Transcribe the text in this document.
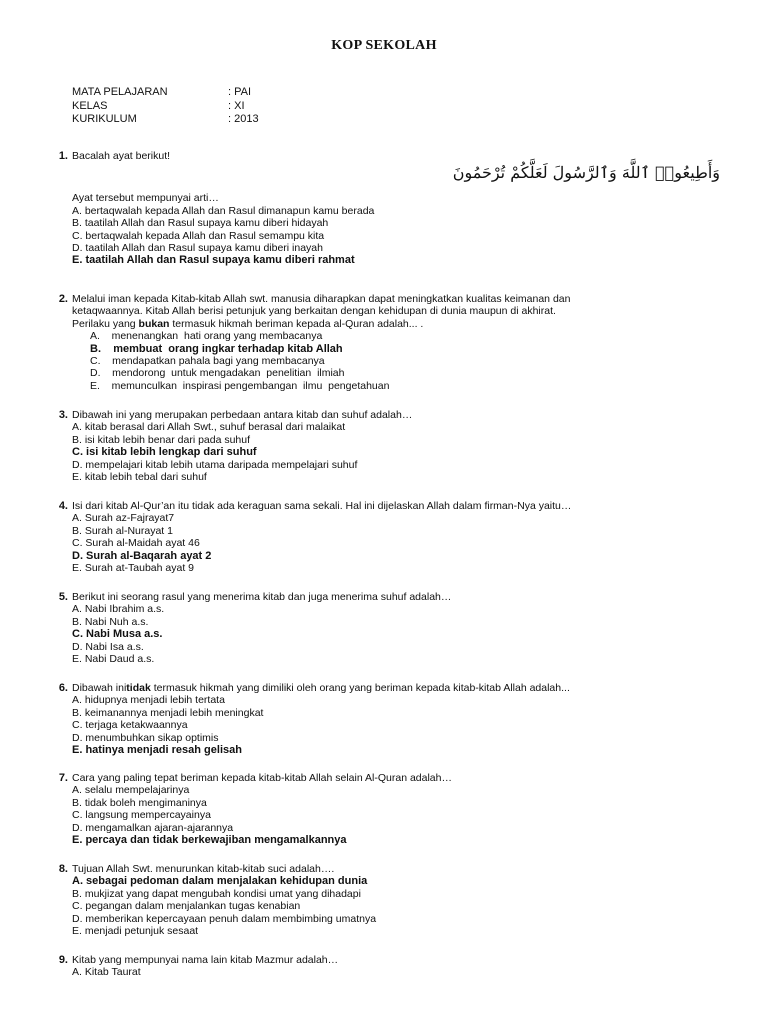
KOP SEKOLAH
MATA PELAJARAN	: PAI
KELAS	: XI
KURIKULUM	: 2013
1. Bacalah ayat berikut!
Ayat tersebut mempunyai arti…
A. bertaqwalah kepada Allah dan Rasul dimanapun kamu berada
B. taatilah Allah dan Rasul supaya kamu diberi hidayah
C. bertaqwalah kepada Allah dan Rasul semampu kita
D. taatilah Allah dan Rasul supaya kamu diberi inayah
E. taatilah Allah dan Rasul supaya kamu diberi rahmat
وَأَطِيعُوا۟ ٱللَّهَ وَٱلرَّسُولَ لَعَلَّكُمْ تُرْحَمُونَ
2. Melalui iman kepada Kitab-kitab Allah swt. manusia diharapkan dapat meningkatkan kualitas keimanan dan
ketaqwaannya. Kitab Allah berisi petunjuk yang berkaitan dengan kehidupan di dunia maupun di akhirat.
Perilaku yang bukan termasuk hikmah beriman kepada al-Quran adalah... .
A.    menenangkan  hati orang yang membacanya
B.    membuat  orang ingkar terhadap kitab Allah
C.    mendapatkan pahala bagi yang membacanya
D.    mendorong  untuk mengadakan  penelitian  ilmiah
E.    memunculkan  inspirasi pengembangan  ilmu  pengetahuan
3. Dibawah ini yang merupakan perbedaan antara kitab dan suhuf adalah…
A. kitab berasal dari Allah Swt., suhuf berasal dari malaikat
B. isi kitab lebih benar dari pada suhuf
C. isi kitab lebih lengkap dari suhuf
D. mempelajari kitab lebih utama daripada mempelajari suhuf
E. kitab lebih tebal dari suhuf
4. Isi dari kitab Al-Qur’an itu tidak ada keraguan sama sekali. Hal ini dijelaskan Allah dalam firman-Nya yaitu…
A. Surah az-Fajrayat7
B. Surah al-Nurayat 1
C. Surah al-Maidah ayat 46
D. Surah al-Baqarah ayat 2
E. Surah at-Taubah ayat 9
5. Berikut ini seorang rasul yang menerima kitab dan juga menerima suhuf adalah…
A. Nabi Ibrahim a.s.
B. Nabi Nuh a.s.
C. Nabi Musa a.s.
D. Nabi Isa a.s.
E. Nabi Daud a.s.
6. Dibawah initidak termasuk hikmah yang dimiliki oleh orang yang beriman kepada kitab-kitab Allah adalah...
A. hidupnya menjadi lebih tertata
B. keimanannya menjadi lebih meningkat
C. terjaga ketakwaannya
D. menumbuhkan sikap optimis
E. hatinya menjadi resah gelisah
7. Cara yang paling tepat beriman kepada kitab-kitab Allah selain Al-Quran adalah…
A. selalu mempelajarinya
B. tidak boleh mengimaninya
C. langsung mempercayainya
D. mengamalkan ajaran-ajarannya
E. percaya dan tidak berkewajiban mengamalkannya
8. Tujuan Allah Swt. menurunkan kitab-kitab suci adalah….
A. sebagai pedoman dalam menjalakan kehidupan dunia
B. mukjizat yang dapat mengubah kondisi umat yang dihadapi
C. pegangan dalam menjalankan tugas kenabian
D. memberikan kepercayaan penuh dalam membimbing umatnya
E. menjadi petunjuk sesaat
9. Kitab yang mempunyai nama lain kitab Mazmur adalah…
A. Kitab Taurat
